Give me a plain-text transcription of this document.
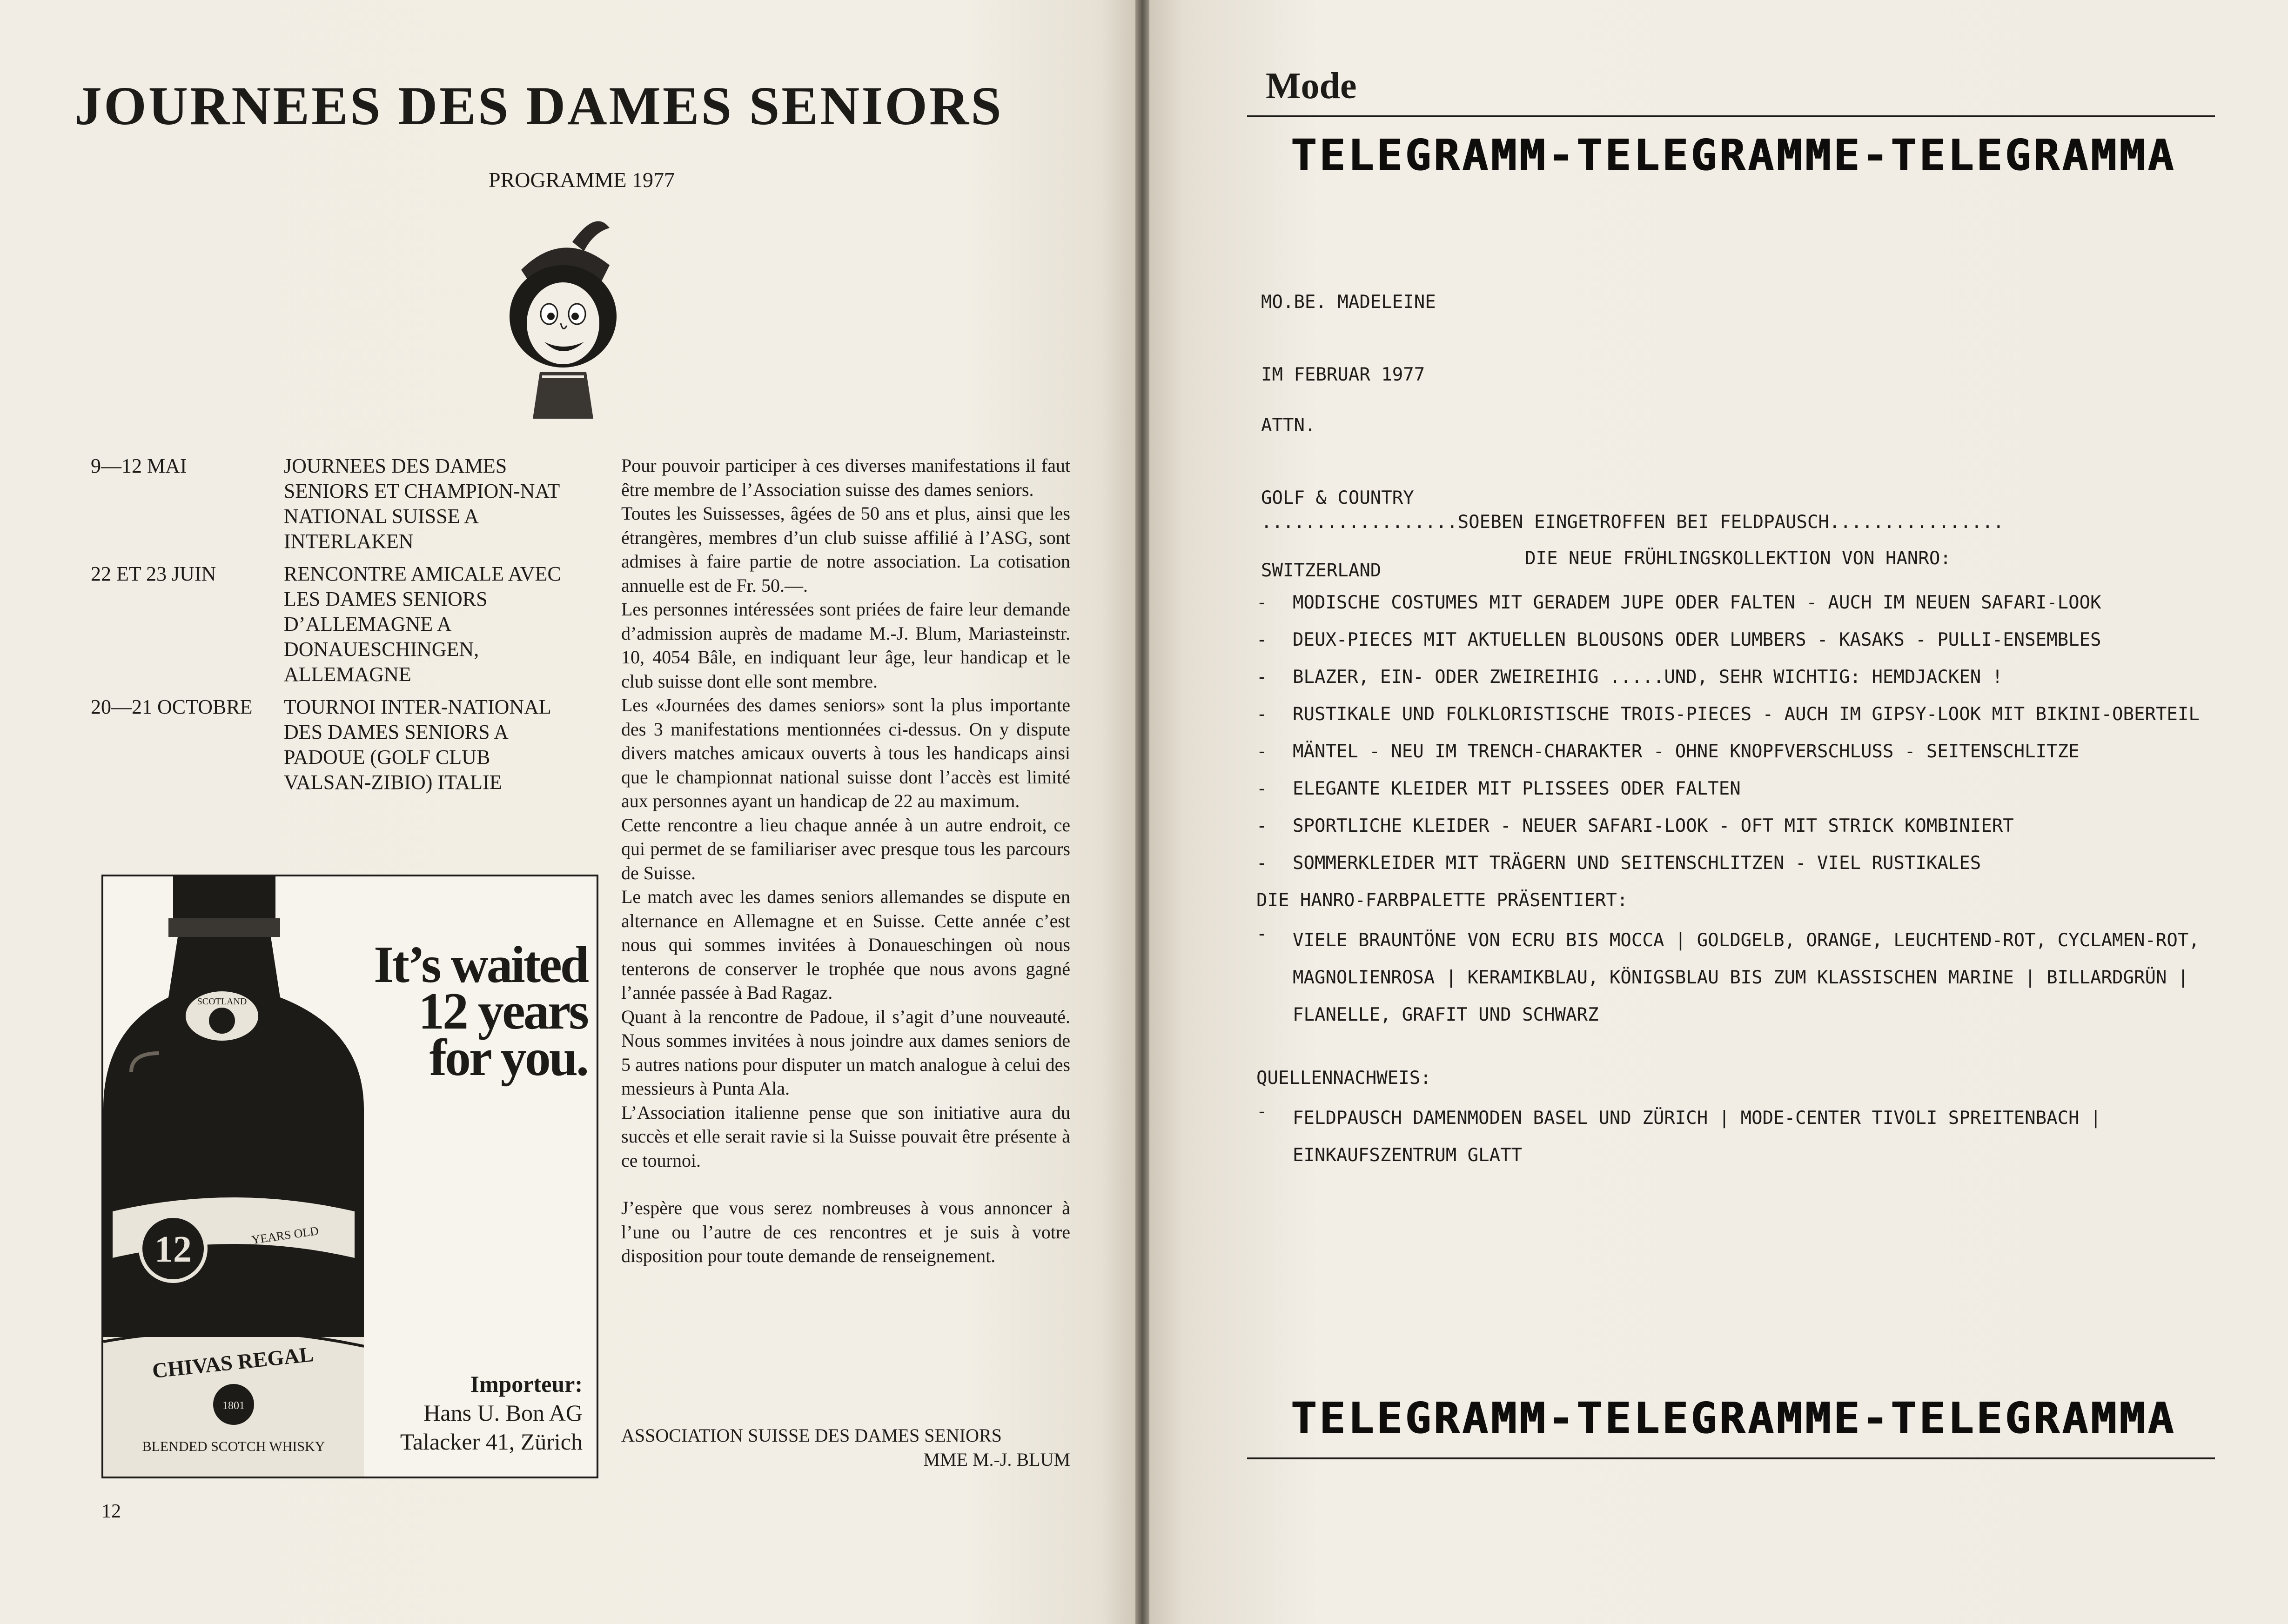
JOURNEES DES DAMES SENIORS
PROGRAMME 1977
9—12 MAI	JOURNEES DES DAMES SENIORS ET CHAMPION-NAT NATIONAL SUISSE A INTERLAKEN
22 ET 23 JUIN	RENCONTRE AMICALE AVEC LES DAMES SENIORS D’ALLEMAGNE A DONAUESCHINGEN, ALLEMAGNE
20—21 OCTOBRE	TOURNOI INTER-NATIONAL DES DAMES SENIORS A PADOUE (GOLF CLUB VALSAN-ZIBIO) ITALIE

Pour pouvoir participer à ces diverses manifestations il faut être membre de l’Association suisse des dames seniors.

Toutes les Suissesses, âgées de 50 ans et plus, ainsi que les étrangères, membres d’un club suisse affilié à l’ASG, sont admises à faire partie de notre association. La cotisation annuelle est de Fr. 50.—.

Les personnes intéressées sont priées de faire leur demande d’admission auprès de madame M.-J. Blum, Mariasteinstr. 10, 4054 Bâle, en indiquant leur âge, leur handicap et le club suisse dont elle sont membre.

Les «Journées des dames seniors» sont la plus importante des 3 manifestations mentionnées ci-dessus. On y dispute divers matches amicaux ouverts à tous les handicaps ainsi que le championnat national suisse dont l’accès est limité aux personnes ayant un handicap de 22 au maximum.

Cette rencontre a lieu chaque année à un autre endroit, ce qui permet de se familiariser avec presque tous les parcours de Suisse.

Le match avec les dames seniors allemandes se dispute en alternance en Allemagne et en Suisse. Cette année c’est nous qui sommes invitées à Donaueschingen où nous tenterons de conserver le trophée que nous avons gagné l’année passée à Bad Ragaz.

Quant à la rencontre de Padoue, il s’agit d’une nouveauté. Nous sommes invitées à nous joindre aux dames seniors de 5 autres nations pour disputer un match analogue à celui des messieurs à Punta Ala.

L’Association italienne pense que son initiative aura du succès et elle serait ravie si la Suisse pouvait être présente à ce tournoi.

J’espère que vous serez nombreuses à vous annoncer à l’une ou l’autre de ces rencontres et je suis à votre disposition pour toute demande de renseignement.

ASSOCIATION SUISSE DES DAMES SENIORS
MME M.-J. BLUM
SCOTLAND
12	YEARS OLD
CHIVAS REGAL
1801
BLENDED SCOTCH WHISKY
It’s waited
12 years
for you.
Importeur:
Hans U. Bon AG
Talacker 41, Zürich
12
Mode
TELEGRAMM-TELEGRAMME-TELEGRAMMA

MO.BE. MADELEINE

IM FEBRUAR 1977

ATTN.

GOLF & COUNTRY

SWITZERLAND

..................SOEBEN EINGETROFFEN BEI FELDPAUSCH................
DIE NEUE FRÜHLINGSKOLLEKTION VON HANRO:
-	MODISCHE COSTUMES MIT GERADEM JUPE ODER FALTEN - AUCH IM NEUEN SAFARI-LOOK
-	DEUX-PIECES MIT AKTUELLEN BLOUSONS ODER LUMBERS - KASAKS - PULLI-ENSEMBLES
-	BLAZER, EIN- ODER ZWEIREIHIG .....UND, SEHR WICHTIG: HEMDJACKEN !
-	RUSTIKALE UND FOLKLORISTISCHE TROIS-PIECES - AUCH IM GIPSY-LOOK MIT BIKINI-OBERTEIL
-	MÄNTEL - NEU IM TRENCH-CHARAKTER - OHNE KNOPFVERSCHLUSS - SEITENSCHLITZE
-	ELEGANTE KLEIDER MIT PLISSEES ODER FALTEN
-	SPORTLICHE KLEIDER - NEUER SAFARI-LOOK - OFT MIT STRICK KOMBINIERT
-	SOMMERKLEIDER MIT TRÄGERN UND SEITENSCHLITZEN - VIEL RUSTIKALES
DIE HANRO-FARBPALETTE PRÄSENTIERT:
-	VIELE BRAUNTÖNE VON ECRU BIS MOCCA | GOLDGELB, ORANGE, LEUCHTEND-ROT, CYCLAMEN-ROT, MAGNOLIENROSA | KERAMIKBLAU, KÖNIGSBLAU BIS ZUM KLASSISCHEN MARINE | BILLARDGRÜN | FLANELLE, GRAFIT UND SCHWARZ
QUELLENNACHWEIS:
-	FELDPAUSCH DAMENMODEN BASEL UND ZÜRICH | MODE-CENTER TIVOLI SPREITENBACH | EINKAUFSZENTRUM GLATT
TELEGRAMM-TELEGRAMME-TELEGRAMMA
